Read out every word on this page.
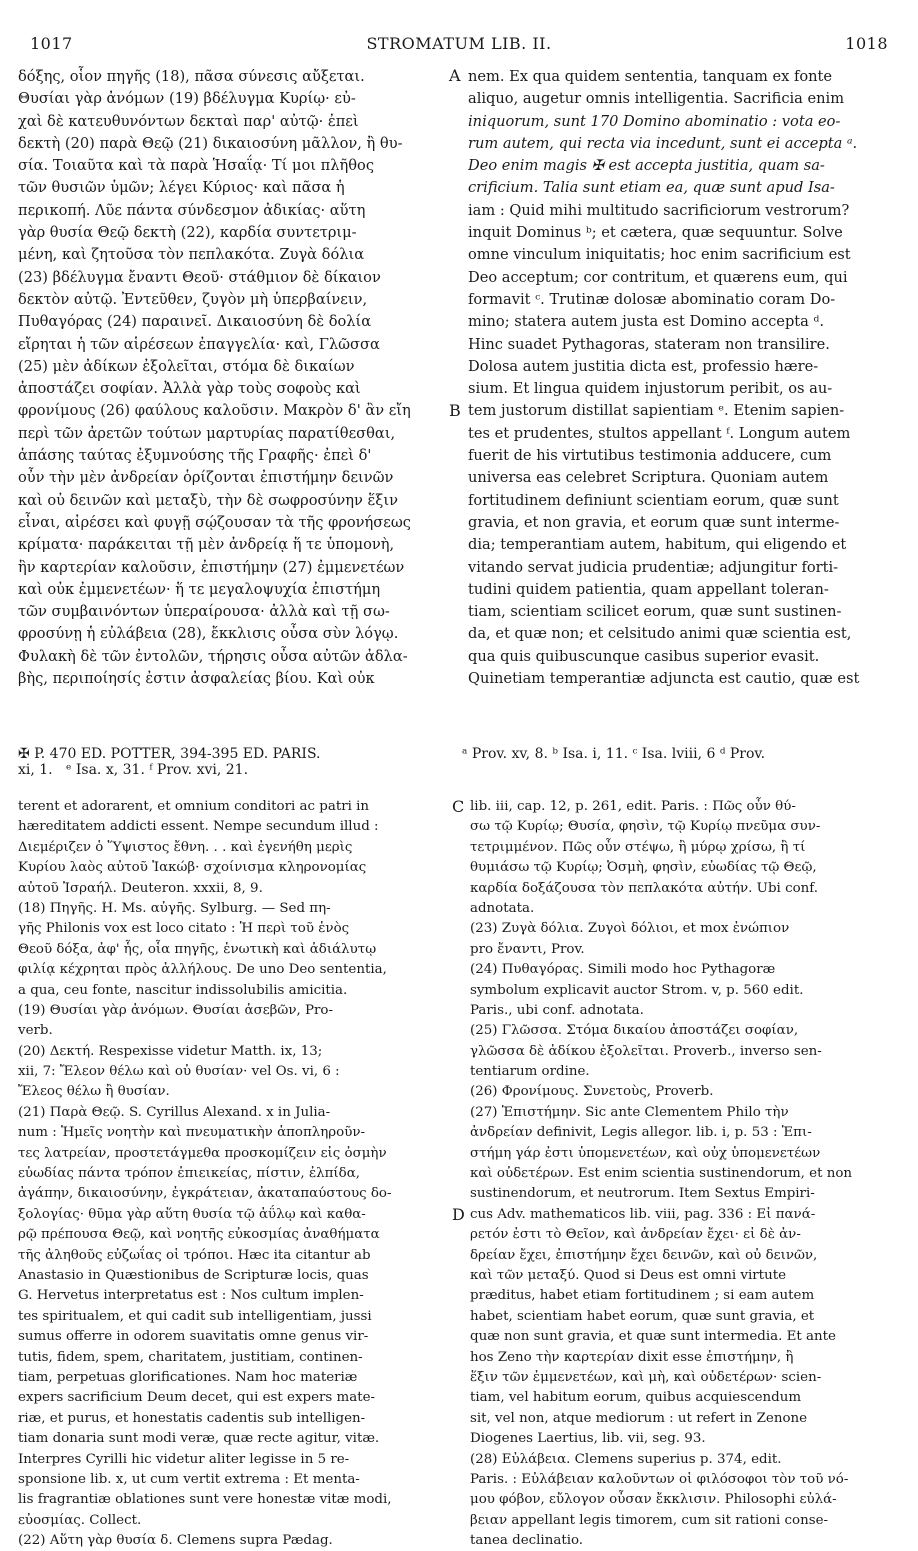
1017	STROMATUM LIB. II.	1018
A
B
C
D
δόξης, οἷον πηγῆς (18), πᾶσα σύνεσις αὔξεται.
Θυσίαι γὰρ ἀνόμων (19) βδέλυγμα Κυρίῳ· εὐ-
χαὶ δὲ κατευθυνόντων δεκταὶ παρ' αὐτῷ· ἐπεὶ
δεκτὴ (20) παρὰ Θεῷ (21) δικαιοσύνη μᾶλλον, ἢ θυ-
σία. Τοιαῦτα καὶ τὰ παρὰ Ἡσαΐᾳ· Τί μοι πλῆθος
τῶν θυσιῶν ὑμῶν; λέγει Κύριος· καὶ πᾶσα ἡ
περικοπή. Λῦε πάντα σύνδεσμον ἀδικίας· αὕτη
γὰρ θυσία Θεῷ δεκτὴ (22), καρδία συντετριμ-
μένη, καὶ ζητοῦσα τὸν πεπλακότα. Ζυγὰ δόλια
(23) βδέλυγμα ἔναντι Θεοῦ· στάθμιον δὲ δίκαιον
δεκτὸν αὐτῷ. Ἐντεῦθεν, ζυγὸν μὴ ὑπερβαίνειν,
Πυθαγόρας (24) παραινεῖ. Δικαιοσύνη δὲ δολία
εἴρηται ἡ τῶν αἱρέσεων ἐπαγγελία· καὶ, Γλῶσσα
(25) μὲν ἀδίκων ἐξολεῖται, στόμα δὲ δικαίων
ἀποστάζει σοφίαν. Ἀλλὰ γὰρ τοὺς σοφοὺς καὶ
φρονίμους (26) φαύλους καλοῦσιν. Μακρὸν δ' ἂν εἴη
περὶ τῶν ἀρετῶν τούτων μαρτυρίας παρατίθεσθαι,
ἁπάσης ταύτας ἐξυμνούσης τῆς Γραφῆς· ἐπεὶ δ'
οὖν τὴν μὲν ἀνδρείαν ὁρίζονται ἐπιστήμην δεινῶν
καὶ οὐ δεινῶν καὶ μεταξὺ, τὴν δὲ σωφροσύνην ἕξιν
εἶναι, αἱρέσει καὶ φυγῇ σῴζουσαν τὰ τῆς φρονήσεως
κρίματα· παράκειται τῇ μὲν ἀνδρείᾳ ἥ τε ὑπομονὴ,
ἣν καρτερίαν καλοῦσιν, ἐπιστήμην (27) ἐμμενετέων
καὶ οὐκ ἐμμενετέων· ἥ τε μεγαλοψυχία ἐπιστήμη
τῶν συμβαινόντων ὑπεραίρουσα· ἀλλὰ καὶ τῇ σω-
φροσύνῃ ἡ εὐλάβεια (28), ἔκκλισις οὖσα σὺν λόγῳ.
Φυλακὴ δὲ τῶν ἐντολῶν, τήρησις οὖσα αὐτῶν ἀδλα-
βὴς, περιποίησίς ἐστιν ἀσφαλείας βίου. Καὶ οὐκ
nem. Ex qua quidem sententia, tanquam ex fonte
aliquo, augetur omnis intelligentia. Sacrificia enim
iniquorum, sunt 170 Domino abominatio : vota eo-
rum autem, qui recta via incedunt, sunt ei accepta ᵃ.
Deo enim magis ✠ est accepta justitia, quam sa-
crificium. Talia sunt etiam ea, quæ sunt apud Isa-
iam : Quid mihi multitudo sacrificiorum vestrorum?
inquit Dominus ᵇ; et cætera, quæ sequuntur. Solve
omne vinculum iniquitatis; hoc enim sacrificium est
Deo acceptum; cor contritum, et quærens eum, qui
formavit ᶜ. Trutinæ dolosæ abominatio coram Do-
mino; statera autem justa est Domino accepta ᵈ.
Hinc suadet Pythagoras, stateram non transilire.
Dolosa autem justitia dicta est, professio hære-
sium. Et lingua quidem injustorum peribit, os au-
tem justorum distillat sapientiam ᵉ. Etenim sapien-
tes et prudentes, stultos appellant ᶠ. Longum autem
fuerit de his virtutibus testimonia adducere, cum
universa eas celebret Scriptura. Quoniam autem
fortitudinem definiunt scientiam eorum, quæ sunt
gravia, et non gravia, et eorum quæ sunt interme-
dia; temperantiam autem, habitum, qui eligendo et
vitando servat judicia prudentiæ; adjungitur forti-
tudini quidem patientia, quam appellant toleran-
tiam, scientiam scilicet eorum, quæ sunt sustinen-
da, et quæ non; et celsitudo animi quæ scientia est,
qua quis quibuscunque casibus superior evasit.
Quinetiam temperantiæ adjuncta est cautio, quæ est
✠ P. 470 ED. POTTER, 394-395 ED. PARIS.
xi, 1. ᵉ Isa. x, 31. ᶠ Prov. xvi, 21.
ᵃ Prov. xv, 8. ᵇ Isa. i, 11. ᶜ Isa. lviii, 6 ᵈ Prov.
terent et adorarent, et omnium conditori ac patri in
hæreditatem addicti essent. Nempe secundum illud :
Διεμέριζεν ὁ Ὕψιστος ἔθνη. . . καὶ ἐγενήθη μερὶς
Κυρίου λαὸς αὐτοῦ Ἰακώβ· σχοίνισμα κληρονομίας
αὐτοῦ Ἰσραήλ. Deuteron. xxxii, 8, 9.
(18) Πηγῆς. H. Ms. αὐγῆς. Sylburg. — Sed πη-
γῆς Philonis vox est loco citato : Ἡ περὶ τοῦ ἑνὸς
Θεοῦ δόξα, ἀφ' ἧς, οἷα πηγῆς, ἑνωτικὴ καὶ ἀδιάλυτῳ
φιλίᾳ κέχρηται πρὸς ἀλλήλους. De uno Deo sententia,
a qua, ceu fonte, nascitur indissolubilis amicitia.
(19) Θυσίαι γὰρ ἀνόμων. Θυσίαι ἀσεβῶν, Pro-
verb.
(20) Δεκτή. Respexisse videtur Matth. ix, 13;
xii, 7: Ἔλεον θέλω καὶ οὐ θυσίαν· vel Os. vi, 6 :
Ἔλεος θέλω ἢ θυσίαν.
(21) Παρὰ Θεῷ. S. Cyrillus Alexand. x in Julia-
num : Ἡμεῖς νοητὴν καὶ πνευματικὴν ἀποπληροῦν-
τες λατρείαν, προστετάγμεθα προσκομίζειν εἰς ὀσμὴν
εὐωδίας πάντα τρόπον ἐπιεικείας, πίστιν, ἐλπίδα,
ἀγάπην, δικαιοσύνην, ἐγκράτειαν, ἀκαταπαύστους δο-
ξολογίας· θῦμα γὰρ αὕτη θυσία τῷ ἀΰλῳ καὶ καθα-
ρῷ πρέπουσα Θεῷ, καὶ νοητῆς εὐκοσμίας ἀναθήματα
τῆς ἀληθοῦς εὐζωΐας οἱ τρόποι. Hæc ita citantur ab
Anastasio in Quæstionibus de Scripturæ locis, quas
G. Hervetus interpretatus est : Nos cultum implen-
tes spiritualem, et qui cadit sub intelligentiam, jussi
sumus offerre in odorem suavitatis omne genus vir-
tutis, fidem, spem, charitatem, justitiam, continen-
tiam, perpetuas glorificationes. Nam hoc materiæ
expers sacrificium Deum decet, qui est expers mate-
riæ, et purus, et honestatis cadentis sub intelligen-
tiam donaria sunt modi veræ, quæ recte agitur, vitæ.
Interpres Cyrilli hic videtur aliter legisse in 5 re-
sponsione lib. x, ut cum vertit extrema : Et menta-
lis fragrantiæ oblationes sunt vere honestæ vitæ modi,
εὐοσμίας. Collect.
(22) Αὕτη γὰρ θυσία δ. Clemens supra Pædag.
lib. iii, cap. 12, p. 261, edit. Paris. : Πῶς οὖν θύ-
σω τῷ Κυρίῳ; Θυσία, φησὶν, τῷ Κυρίῳ πνεῦμα συν-
τετριμμένον. Πῶς οὖν στέψω, ἢ μύρῳ χρίσω, ἢ τί
θυμιάσω τῷ Κυρίῳ; Ὀσμὴ, φησὶν, εὐωδίας τῷ Θεῷ,
καρδία δοξάζουσα τὸν πεπλακότα αὐτήν. Ubi conf.
adnotata.
(23) Ζυγὰ δόλια. Ζυγοὶ δόλιοι, et mox ἐνώπιον
pro ἔναντι, Prov.
(24) Πυθαγόρας. Simili modo hoc Pythagoræ
symbolum explicavit auctor Strom. v, p. 560 edit.
Paris., ubi conf. adnotata.
(25) Γλῶσσα. Στόμα δικαίου ἀποστάζει σοφίαν,
γλῶσσα δὲ ἀδίκου ἐξολεῖται. Proverb., inverso sen-
tentiarum ordine.
(26) Φρονίμους. Συνετοὺς, Proverb.
(27) Ἐπιστήμην. Sic ante Clementem Philo τὴν
ἀνδρείαν definivit, Legis allegor. lib. i, p. 53 : Ἐπι-
στήμη γάρ ἐστι ὑπομενετέων, καὶ οὐχ ὑπομενετέων
καὶ οὐδετέρων. Est enim scientia sustinendorum, et non
sustinendorum, et neutrorum. Item Sextus Empiri-
cus Adv. mathematicos lib. viii, pag. 336 : Εἰ πανά-
ρετόν ἐστι τὸ Θεῖον, καὶ ἀνδρείαν ἔχει· εἰ δὲ ἀν-
δρείαν ἔχει, ἐπιστήμην ἔχει δεινῶν, καὶ οὐ δεινῶν,
καὶ τῶν μεταξύ. Quod si Deus est omni virtute
præditus, habet etiam fortitudinem ; si eam autem
habet, scientiam habet eorum, quæ sunt gravia, et
quæ non sunt gravia, et quæ sunt intermedia. Et ante
hos Zeno τὴν καρτερίαν dixit esse ἐπιστήμην, ἢ
ἕξιν τῶν ἐμμενετέων, καὶ μὴ, καὶ οὐδετέρων· scien-
tiam, vel habitum eorum, quibus acquiescendum
sit, vel non, atque mediorum : ut refert in Zenone
Diogenes Laertius, lib. vii, seg. 93.
(28) Εὐλάβεια. Clemens superius p. 374, edit.
Paris. : Εὐλάβειαν καλοῦντων οἱ φιλόσοφοι τὸν τοῦ νό-
μου φόβον, εὔλογον οὖσαν ἔκκλισιν. Philosophi εὐλά-
βειαν appellant legis timorem, cum sit rationi conse-
tanea declinatio.
